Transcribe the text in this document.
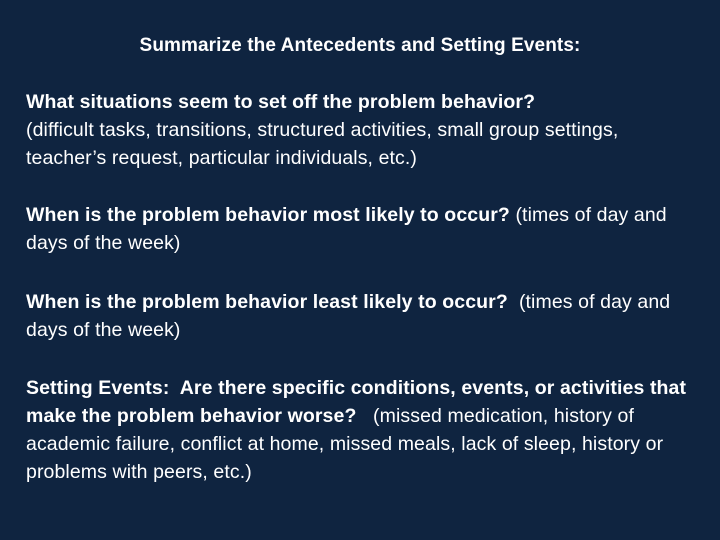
Summarize the Antecedents and Setting Events:
What situations seem to set off the problem behavior?
(difficult tasks, transitions, structured activities, small group settings, teacher’s request, particular individuals, etc.)
When is the problem behavior most likely to occur? (times of day and days of the week)
When is the problem behavior least likely to occur? (times of day and days of the week)
Setting Events:  Are there specific conditions, events, or activities that make the problem behavior worse? (missed medication, history of academic failure, conflict at home, missed meals, lack of sleep, history or problems with peers, etc.)
